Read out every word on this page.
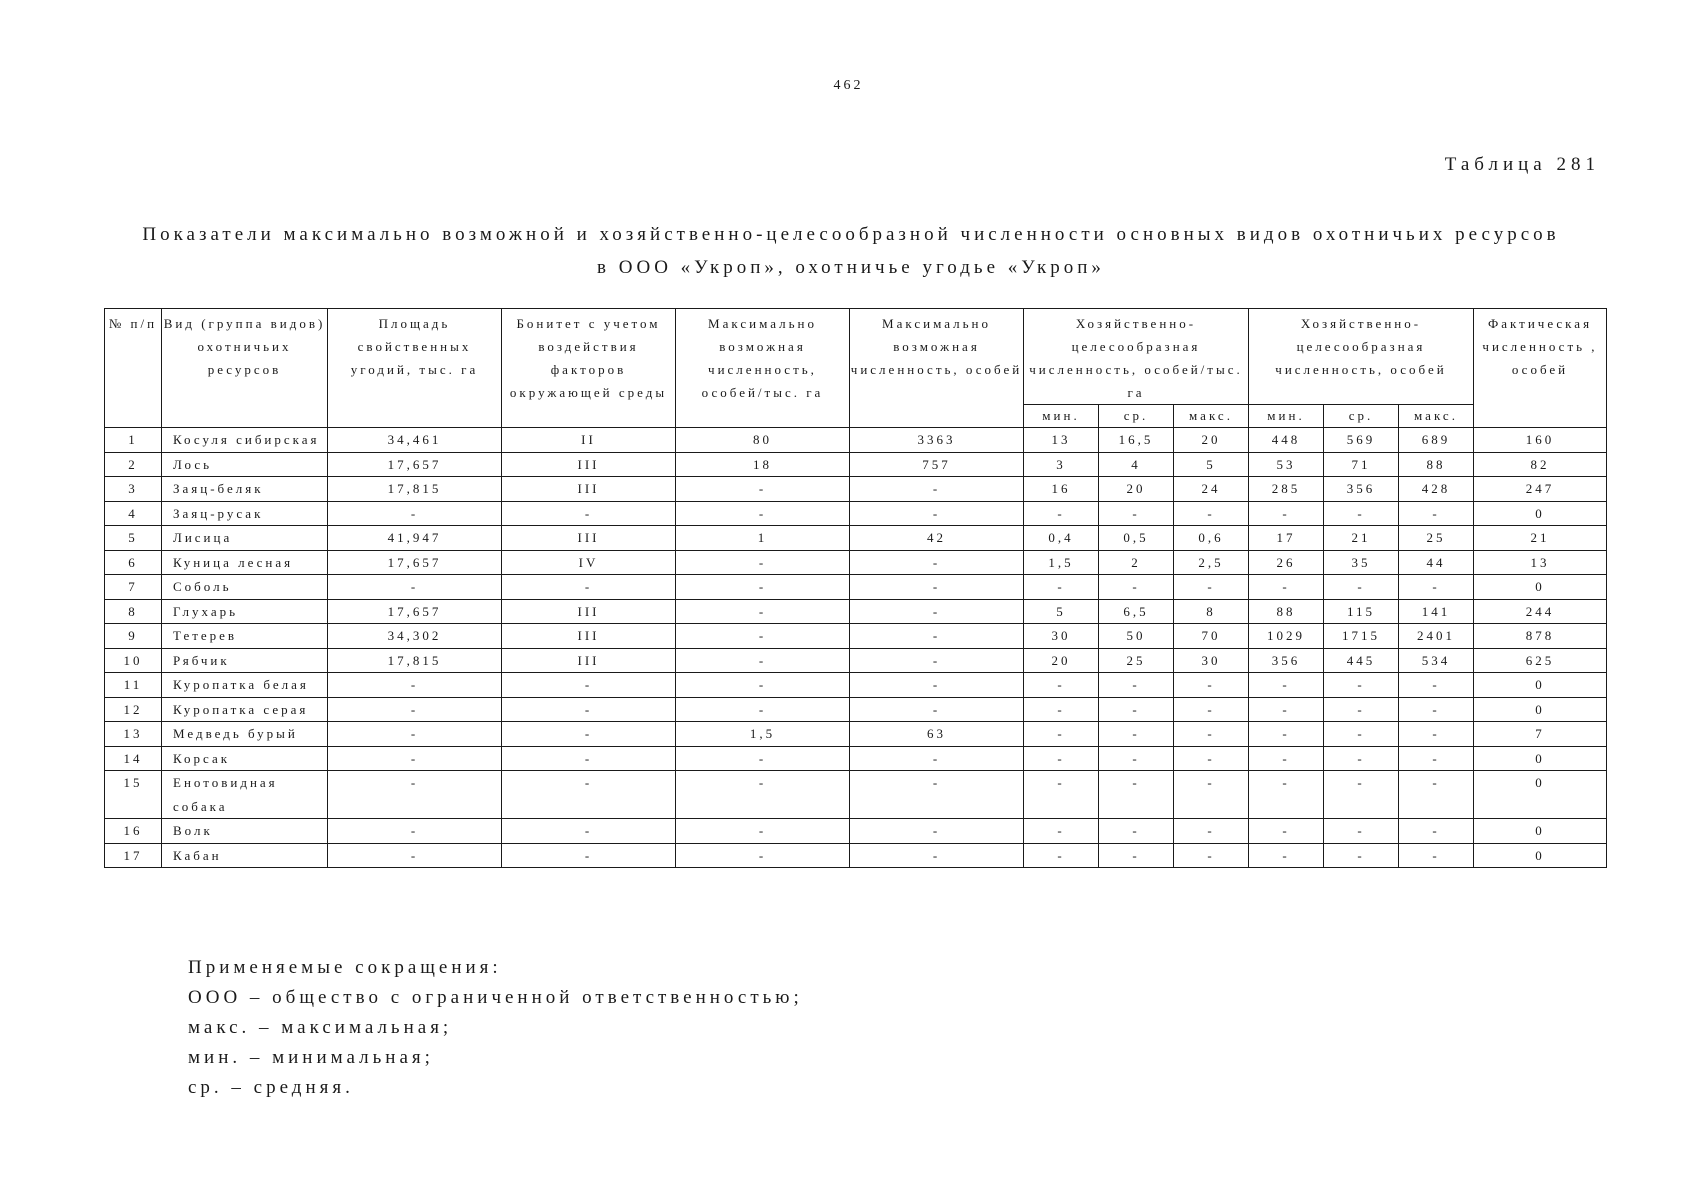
462
Таблица 281
Показатели максимально возможной и хозяйственно-целесообразной численности основных видов охотничьих ресурсов
в ООО «Укроп», охотничье угодье «Укроп»
№ п/п	Вид (группа видов) охотничьих ресурсов	Площадь свойственных угодий, тыс. га	Бонитет с учетом воздействия факторов окружающей среды	Максимально возможная численность, особей/тыс. га	Максимально возможная численность, особей	Хозяйственно-целесообразная численность, особей/тыс. га			Хозяйственно-целесообразная численность, особей			Фактическая численность , особей
						мин.	ср.	макс.	мин.	ср.	макс.	
1	Косуля сибирская	34,461	II	80	3363	13	16,5	20	448	569	689	160
2	Лось	17,657	III	18	757	3	4	5	53	71	88	82
3	Заяц-беляк	17,815	III	-	-	16	20	24	285	356	428	247
4	Заяц-русак	-	-	-	-	-	-	-	-	-	-	0
5	Лисица	41,947	III	1	42	0,4	0,5	0,6	17	21	25	21
6	Куница лесная	17,657	IV	-	-	1,5	2	2,5	26	35	44	13
7	Соболь	-	-	-	-	-	-	-	-	-	-	0
8	Глухарь	17,657	III	-	-	5	6,5	8	88	115	141	244
9	Тетерев	34,302	III	-	-	30	50	70	1029	1715	2401	878
10	Рябчик	17,815	III	-	-	20	25	30	356	445	534	625
11	Куропатка белая	-	-	-	-	-	-	-	-	-	-	0
12	Куропатка серая	-	-	-	-	-	-	-	-	-	-	0
13	Медведь бурый	-	-	1,5	63	-	-	-	-	-	-	7
14	Корсак	-	-	-	-	-	-	-	-	-	-	0
15	Енотовидная собака	-	-	-	-	-	-	-	-	-	-	0
16	Волк	-	-	-	-	-	-	-	-	-	-	0
17	Кабан	-	-	-	-	-	-	-	-	-	-	0
Применяемые сокращения:
ООО – общество с ограниченной ответственностью;
макс. – максимальная;
мин. – минимальная;
ср. – средняя.
